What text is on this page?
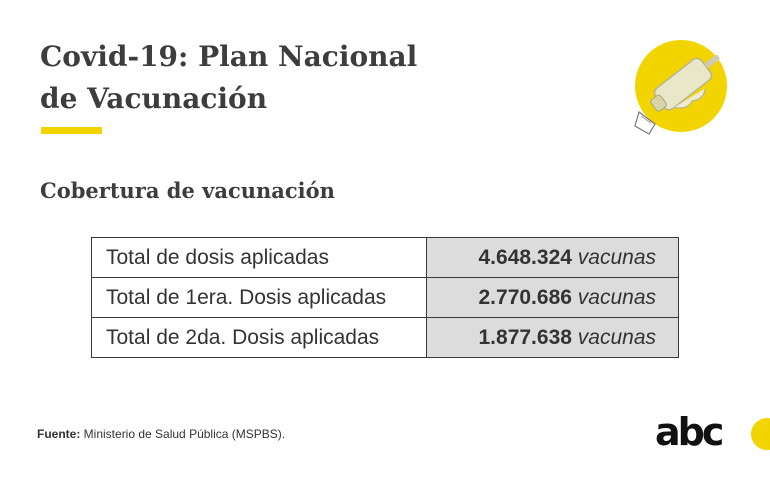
Covid-19: Plan Nacional
de Vacunación
Cobertura de vacunación
Total de dosis aplicadas	4.648.324 vacunas
Total de 1era. Dosis aplicadas	2.770.686 vacunas
Total de 2da. Dosis aplicadas	1.877.638 vacunas

Fuente: Ministerio de Salud Pública (MSPBS).	abc
